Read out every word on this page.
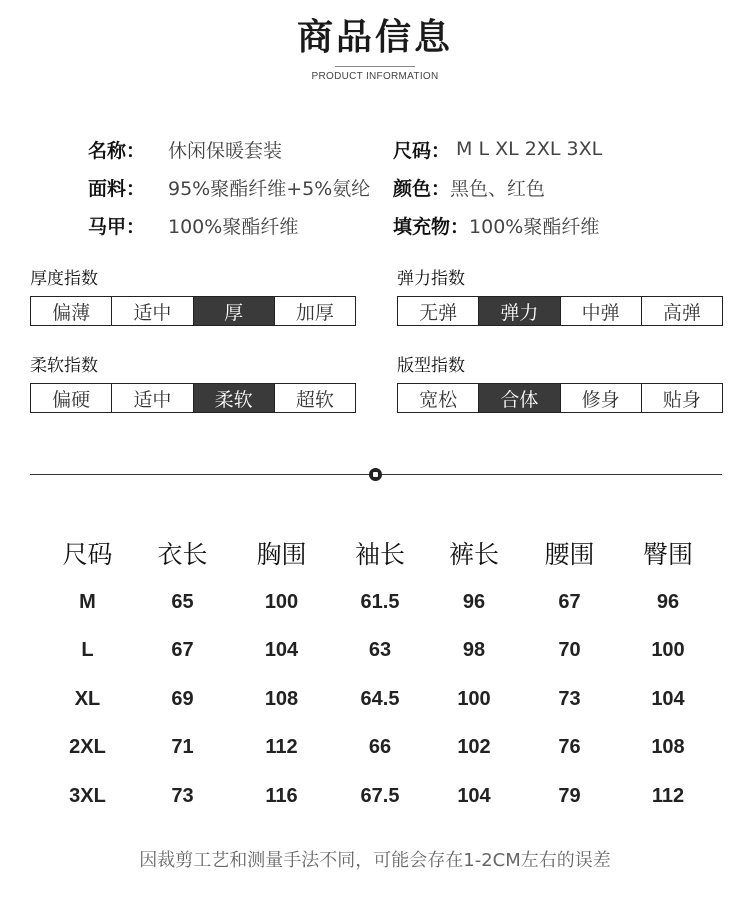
商品信息
PRODUCT INFORMATION
名称：	休闲保暖套装	尺码： M L XL 2XL 3XL
面料：	95%聚酯纤维+5%氨纶 颜色： 黑色、红色
马甲：	100%聚酯纤维	填充物： 100%聚酯纤维
厚度指数
偏薄	适中	厚	加厚
弹力指数
无弹	弹力	中弹	高弹
柔软指数
偏硬	适中	柔软	超软
版型指数
宽松	合体	修身	贴身
尺码	衣长	胸围	袖长	裤长	腰围	臀围
M	65	100	61.5	96	67	96
L	67	104	63	98	70	100
XL	69	108	64.5	100	73	104
2XL	71	112	66	102	76	108
3XL	73	116	67.5	104	79	112
因裁剪工艺和测量手法不同，可能会存在1-2CM左右的误差
